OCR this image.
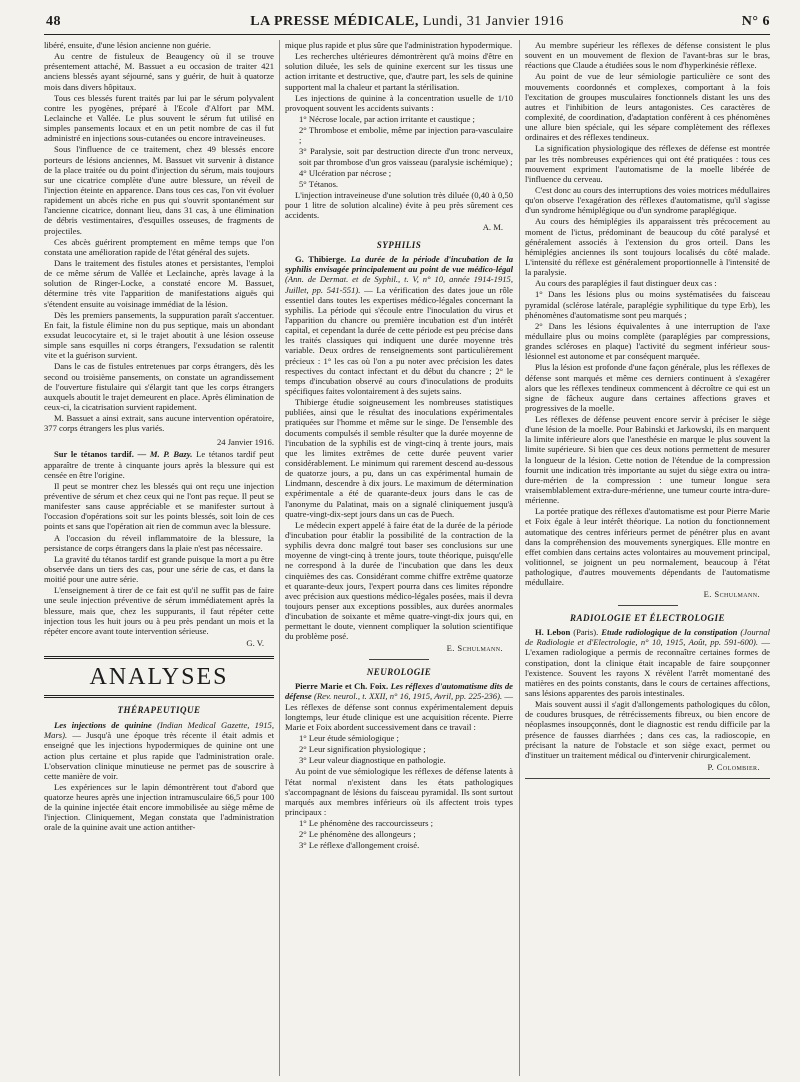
48	LA PRESSE MÉDICALE, Lundi, 31 Janvier 1916	N° 6

libéré, ensuite, d'une lésion ancienne non guérie.

Au centre de fistuleux de Beaugency où il se trouve présentement attaché, M. Bassuet a eu occasion de traiter 421 anciens blessés ayant séjourné, sans y guérir, de huit à quatorze mois dans divers hôpitaux.

Tous ces blessés furent traités par lui par le sérum polyvalent contre les pyogènes, préparé à l'Ecole d'Alfort par MM. Leclainche et Vallée. Le plus souvent le sérum fut utilisé en simples pansements locaux et en un petit nombre de cas il fut administré en injections sous-cutanées ou encore intraveineuses.

Sous l'influence de ce traitement, chez 49 blessés encore porteurs de lésions anciennes, M. Bassuet vit survenir à distance de la place traitée ou du point d'injection du sérum, mais toujours sur une cicatrice complète d'une autre blessure, un réveil de l'injection éteinte en apparence. Dans tous ces cas, l'on vit évoluer rapidement un abcès riche en pus qui s'ouvrit spontanément sur l'ancienne cicatrice, donnant lieu, dans 31 cas, à une élimination de débris vestimentaires, d'esquilles osseuses, de fragments de projectiles.

Ces abcès guérirent promptement en même temps que l'on constata une amélioration rapide de l'état général des sujets.

Dans le traitement des fistules atones et persistantes, l'emploi de ce même sérum de Vallée et Leclainche, après lavage à la solution de Ringer-Locke, a constaté encore M. Bassuet, détermine très vite l'apparition de manifestations aiguës qui s'étendent ensuite au voisinage immédiat de la lésion.

Dès les premiers pansements, la suppuration paraît s'accentuer. En fait, la fistule élimine non du pus septique, mais un abondant exsudat leucocytaire et, si le trajet aboutit à une lésion osseuse simple sans esquilles ni corps étrangers, l'exsudation se ralentit vite et la guérison survient.

Dans le cas de fistules entretenues par corps étrangers, dès les second ou troisième pansements, on constate un agrandissement de l'ouverture fistulaire qui s'élargit tant que les corps étrangers auxquels aboutit le trajet demeurent en place. Après élimination de ceux-ci, la cicatrisation survient rapidement.

M. Bassuet a ainsi extrait, sans aucune intervention opératoire, 377 corps étrangers les plus variés.

24 Janvier 1916.

Sur le tétanos tardif. — M. P. Bazy. Le tétanos tardif peut apparaître de trente à cinquante jours après la blessure qui est censée en être l'origine.

Il peut se montrer chez les blessés qui ont reçu une injection préventive de sérum et chez ceux qui ne l'ont pas reçue. Il peut se manifester sans cause appréciable et se manifester surtout à l'occasion d'opérations soit sur les points blessés, soit loin de ces points et sans que l'opération ait rien de commun avec la blessure.

A l'occasion du réveil inflammatoire de la blessure, la persistance de corps étrangers dans la plaie n'est pas nécessaire.

La gravité du tétanos tardif est grande puisque la mort a pu être observée dans un tiers des cas, pour une série de cas, et dans la moitié pour une autre série.

L'enseignement à tirer de ce fait est qu'il ne suffit pas de faire une seule injection préventive de sérum immédiatement après la blessure, mais que, chez les suppurants, il faut répéter cette injection tous les huit jours ou à peu près pendant un mois et la répéter encore avant toute intervention sérieuse.

G. V.
ANALYSES
THÉRAPEUTIQUE

Les injections de quinine (Indian Medical Gazette, 1915, Mars). — Jusqu'à une époque très récente il était admis et enseigné que les injections hypodermiques de quinine ont une action plus certaine et plus rapide que l'administration orale. L'observation clinique minutieuse ne permet pas de souscrire à cette manière de voir.

Les expériences sur le lapin démontrèrent tout d'abord que quatorze heures après une injection intramusculaire 66,5 pour 100 de la quinine injectée était encore immobilisée au siège même de l'injection. Cliniquement, Megan constata que l'administration orale de la quinine avait une action antither-

mique plus rapide et plus sûre que l'administration hypodermique.

Les recherches ultérieures démontrèrent qu'à moins d'être en solution diluée, les sels de quinine exercent sur les tissus une action irritante et destructive, que, d'autre part, les sels de quinine supportent mal la chaleur et partant la stérilisation.

Les injections de quinine à la concentration usuelle de 1/10 provoquent souvent les accidents suivants :

1° Nécrose locale, par action irritante et caustique ;

2° Thrombose et embolie, même par injection para-vasculaire ;

3° Paralysie, soit par destruction directe d'un tronc nerveux, soit par thrombose d'un gros vaisseau (paralysie ischémique) ;

4° Ulcération par nécrose ;

5° Tétanos.

L'injection intraveineuse d'une solution très diluée (0,40 à 0,50 pour 1 litre de solution alcaline) évite à peu près sûrement ces accidents.

A. M.
SYPHILIS

G. Thibierge. La durée de la période d'incubation de la syphilis envisagée principalement au point de vue médico-légal (Ann. de Dermat. et de Syphil., t. V, n° 10, année 1914-1915, Juillet, pp. 541-551). — La vérification des dates joue un rôle essentiel dans toutes les expertises médico-légales concernant la syphilis. La période qui s'écoule entre l'inoculation du virus et l'apparition du chancre ou première incubation est d'un intérêt capital, et cependant la durée de cette période est peu précise dans les traités classiques qui indiquent une durée moyenne très variable. Deux ordres de renseignements sont particulièrement précieux : 1° les cas où l'on a pu noter avec précision les dates respectives du contact infectant et du début du chancre ; 2° le temps d'incubation observé au cours d'inoculations de produits spécifiques faites volontairement à des sujets sains.

Thibierge étudie soigneusement les nombreuses statistiques publiées, ainsi que le résultat des inoculations expérimentales pratiquées sur l'homme et même sur le singe. De l'ensemble des documents compulsés il semble résulter que la durée moyenne de l'incubation de la syphilis est de vingt-cinq à trente jours, mais que les limites extrêmes de cette durée peuvent varier considérablement. Le minimum qui rarement descend au-dessous de quatorze jours, a pu, dans un cas expérimental humain de Lindmann, descendre à dix jours. Le maximum de détermination expérimentale a été de quarante-deux jours dans le cas de l'anonyme du Palatinat, mais on a signalé cliniquement jusqu'à quatre-vingt-dix-sept jours dans un cas de Puech.

Le médecin expert appelé à faire état de la durée de la période d'incubation pour établir la possibilité de la contraction de la syphilis devra donc malgré tout baser ses conclusions sur une moyenne de vingt-cinq à trente jours, toute théorique, puisqu'elle ne correspond à la durée de l'incubation que dans les deux cinquièmes des cas. Considérant comme chiffre extrême quatorze et quarante-deux jours, l'expert pourra dans ces limites répondre avec précision aux questions médico-légales posées, mais il devra toujours penser aux exceptions possibles, aux durées anormales d'incubation de soixante et même quatre-vingt-dix jours qui, en permettant le doute, viennent compliquer la solution scientifique du problème posé.

E. Schulmann.
NEUROLOGIE

Pierre Marie et Ch. Foix. Les réflexes d'automatisme dits de défense (Rev. neurol., t. XXII, n° 16, 1915, Avril, pp. 225-236). — Les réflexes de défense sont connus expérimentalement depuis longtemps, leur étude clinique est une acquisition récente. Pierre Marie et Foix abordent successivement dans ce travail :

1° Leur étude sémiologique ;

2° Leur signification physiologique ;

3° Leur valeur diagnostique en pathologie.

Au point de vue sémiologique les réflexes de défense latents à l'état normal n'existent dans les états pathologiques s'accompagnant de lésions du faisceau pyramidal. Ils sont surtout marqués aux membres inférieurs où ils affectent trois types principaux :

1° Le phénomène des raccourcisseurs ;

2° Le phénomène des allongeurs ;

3° Le réflexe d'allongement croisé.

Au membre supérieur les réflexes de défense consistent le plus souvent en un mouvement de flexion de l'avant-bras sur le bras, réactions que Claude a étudiées sous le nom d'hyperkinésie réflexe.

Au point de vue de leur sémiologie particulière ce sont des mouvements coordonnés et complexes, comportant à la fois l'excitation de groupes musculaires fonctionnels distant les uns des autres et l'inhibition de leurs antagonistes. Ces caractères de complexité, de coordination, d'adaptation confèrent à ces phénomènes une allure bien spéciale, qui les sépare complètement des réflexes ordinaires et des réflexes tendineux.

La signification physiologique des réflexes de défense est montrée par les très nombreuses expériences qui ont été pratiquées : tous ces mouvement expriment l'automatisme de la moelle libérée de l'influence du cerveau.

C'est donc au cours des interruptions des voies motrices médullaires qu'on observe l'exagération des réflexes d'automatisme, qu'il s'agisse d'un syndrome hémiplégique ou d'un syndrome paraplégique.

Au cours des hémiplégies ils apparaissent très précocement au moment de l'ictus, prédominant de beaucoup du côté paralysé et généralement associés à l'extension du gros orteil. Dans les hémiplégies anciennes ils sont toujours localisés du côté malade. L'intensité du réflexe est généralement proportionnelle à l'intensité de la paralysie.

Au cours des paraplégies il faut distinguer deux cas :

1° Dans les lésions plus ou moins systématisées du faisceau pyramidal (sclérose latérale, paraplégie syphilitique du type Erb), les phénomènes d'automatisme sont peu marqués ;

2° Dans les lésions équivalentes à une interruption de l'axe médullaire plus ou moins complète (paraplégies par compressions, grandes scléroses en plaque) l'activité du segment inférieur sous-lésionnel est autonome et par conséquent marquée.

Plus la lésion est profonde d'une façon générale, plus les réflexes de défense sont marqués et même ces derniers continuent à s'exagérer alors que les réflexes tendineux commencent à décroître ce qui est un signe de fâcheux augure dans certaines affections graves et progressives de la moelle.

Les réflexes de défense peuvent encore servir à préciser le siège d'une lésion de la moelle. Pour Babinski et Jarkowski, ils en marquent la limite inférieure alors que l'anesthésie en marque le plus souvent la limite supérieure. Si bien que ces deux notions permettent de mesurer la longueur de la lésion. Cette notion de l'étendue de la compression fournit une indication très importante au sujet du siège extra ou intra-dure-mérien de la compression : une tumeur longue sera vraisemblablement extra-dure-mérienne, une tumeur courte intra-dure-mérienne.

La portée pratique des réflexes d'automatisme est pour Pierre Marie et Foix égale à leur intérêt théorique. La notion du fonctionnement automatique des centres inférieurs permet de pénétrer plus en avant dans la compréhension des mouvements synergiques. Elle montre en effet combien dans certains actes volontaires au mouvement principal, volitionnel, se joignent un peu normalement, beaucoup à l'état pathologique, d'autres mouvements dépendants de l'automatisme médullaire.

E. Schulmann.
RADIOLOGIE ET ÉLECTROLOGIE

H. Lebon (Paris). Etude radiologique de la constipation (Journal de Radiologie et d'Electrologie, n° 10, 1915, Août, pp. 591-600). — L'examen radiologique a permis de reconnaître certaines formes de constipation, dont la clinique était incapable de faire soupçonner l'existence. Souvent les rayons X révèlent l'arrêt momentané des matières en des points constants, dans le cours de certaines affections, sans lésions apparentes des parois intestinales.

Mais souvent aussi il s'agit d'allongements pathologiques du côlon, de coudures brusques, de rétrécissements fibreux, ou bien encore de néoplasmes insoupçonnés, dont le diagnostic est rendu difficile par la présence de fausses diarrhées ; dans ces cas, la radioscopie, en précisant la nature de l'obstacle et son siège exact, permet ou d'instituer un traitement médical ou d'intervenir chirurgicalement.

P. Colombier.
